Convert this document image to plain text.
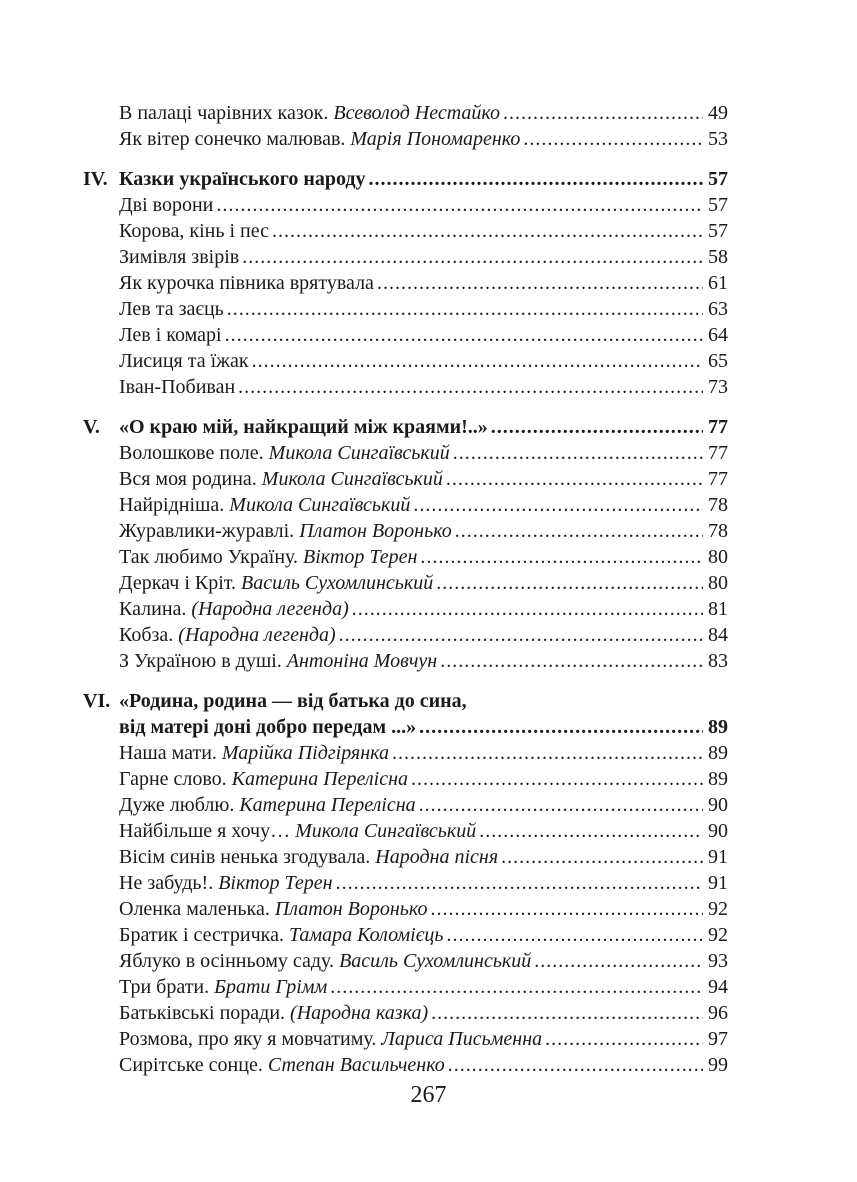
В палаці чарівних казок. Всеволод Нестайко .....	49
Як вітер сонечко малював. Марія Пономаренко .....	53
IV. Казки українського народу .....	57
Дві ворони .....	57
Корова, кінь і пес .....	57
Зимівля звірів .....	58
Як курочка півника врятувала .....	61
Лев та заєць .....	63
Лев і комарі .....	64
Лисиця та їжак .....	65
Іван-Побиван .....	73
V. «О краю мій, найкращий між краями!..» .....	77
Волошкове поле. Микола Сингаївський .....	77
Вся моя родина. Микола Сингаївський .....	77
Найрідніша. Микола Сингаївський .....	78
Журавлики-журавлі. Платон Воронько .....	78
Так любимо Україну. Віктор Терен .....	80
Деркач і Кріт. Василь Сухомлинський .....	80
Калина. (Народна легенда) .....	81
Кобза. (Народна легенда) .....	84
З Україною в душі. Антоніна Мовчун .....	83
VI. «Родина, родина — від батька до сина,
від матері доні добро передам ...» .....	89
Наша мати. Марійка Підгірянка .....	89
Гарне слово. Катерина Перелісна .....	89
Дуже люблю. Катерина Перелісна .....	90
Найбільше я хочу… Микола Сингаївський .....	90
Вісім синів ненька згодувала. Народна пісня .....	91
Не забудь!. Віктор Терен .....	91
Оленка маленька. Платон Воронько .....	92
Братик і сестричка. Тамара Коломієць .....	92
Яблуко в осінньому саду. Василь Сухомлинський .....	93
Три брати. Брати Грімм .....	94
Батьківські поради. (Народна казка) .....	96
Розмова, про яку я мовчатиму. Лариса Письменна .....	97
Сирітське сонце. Степан Васильченко .....	99
267
